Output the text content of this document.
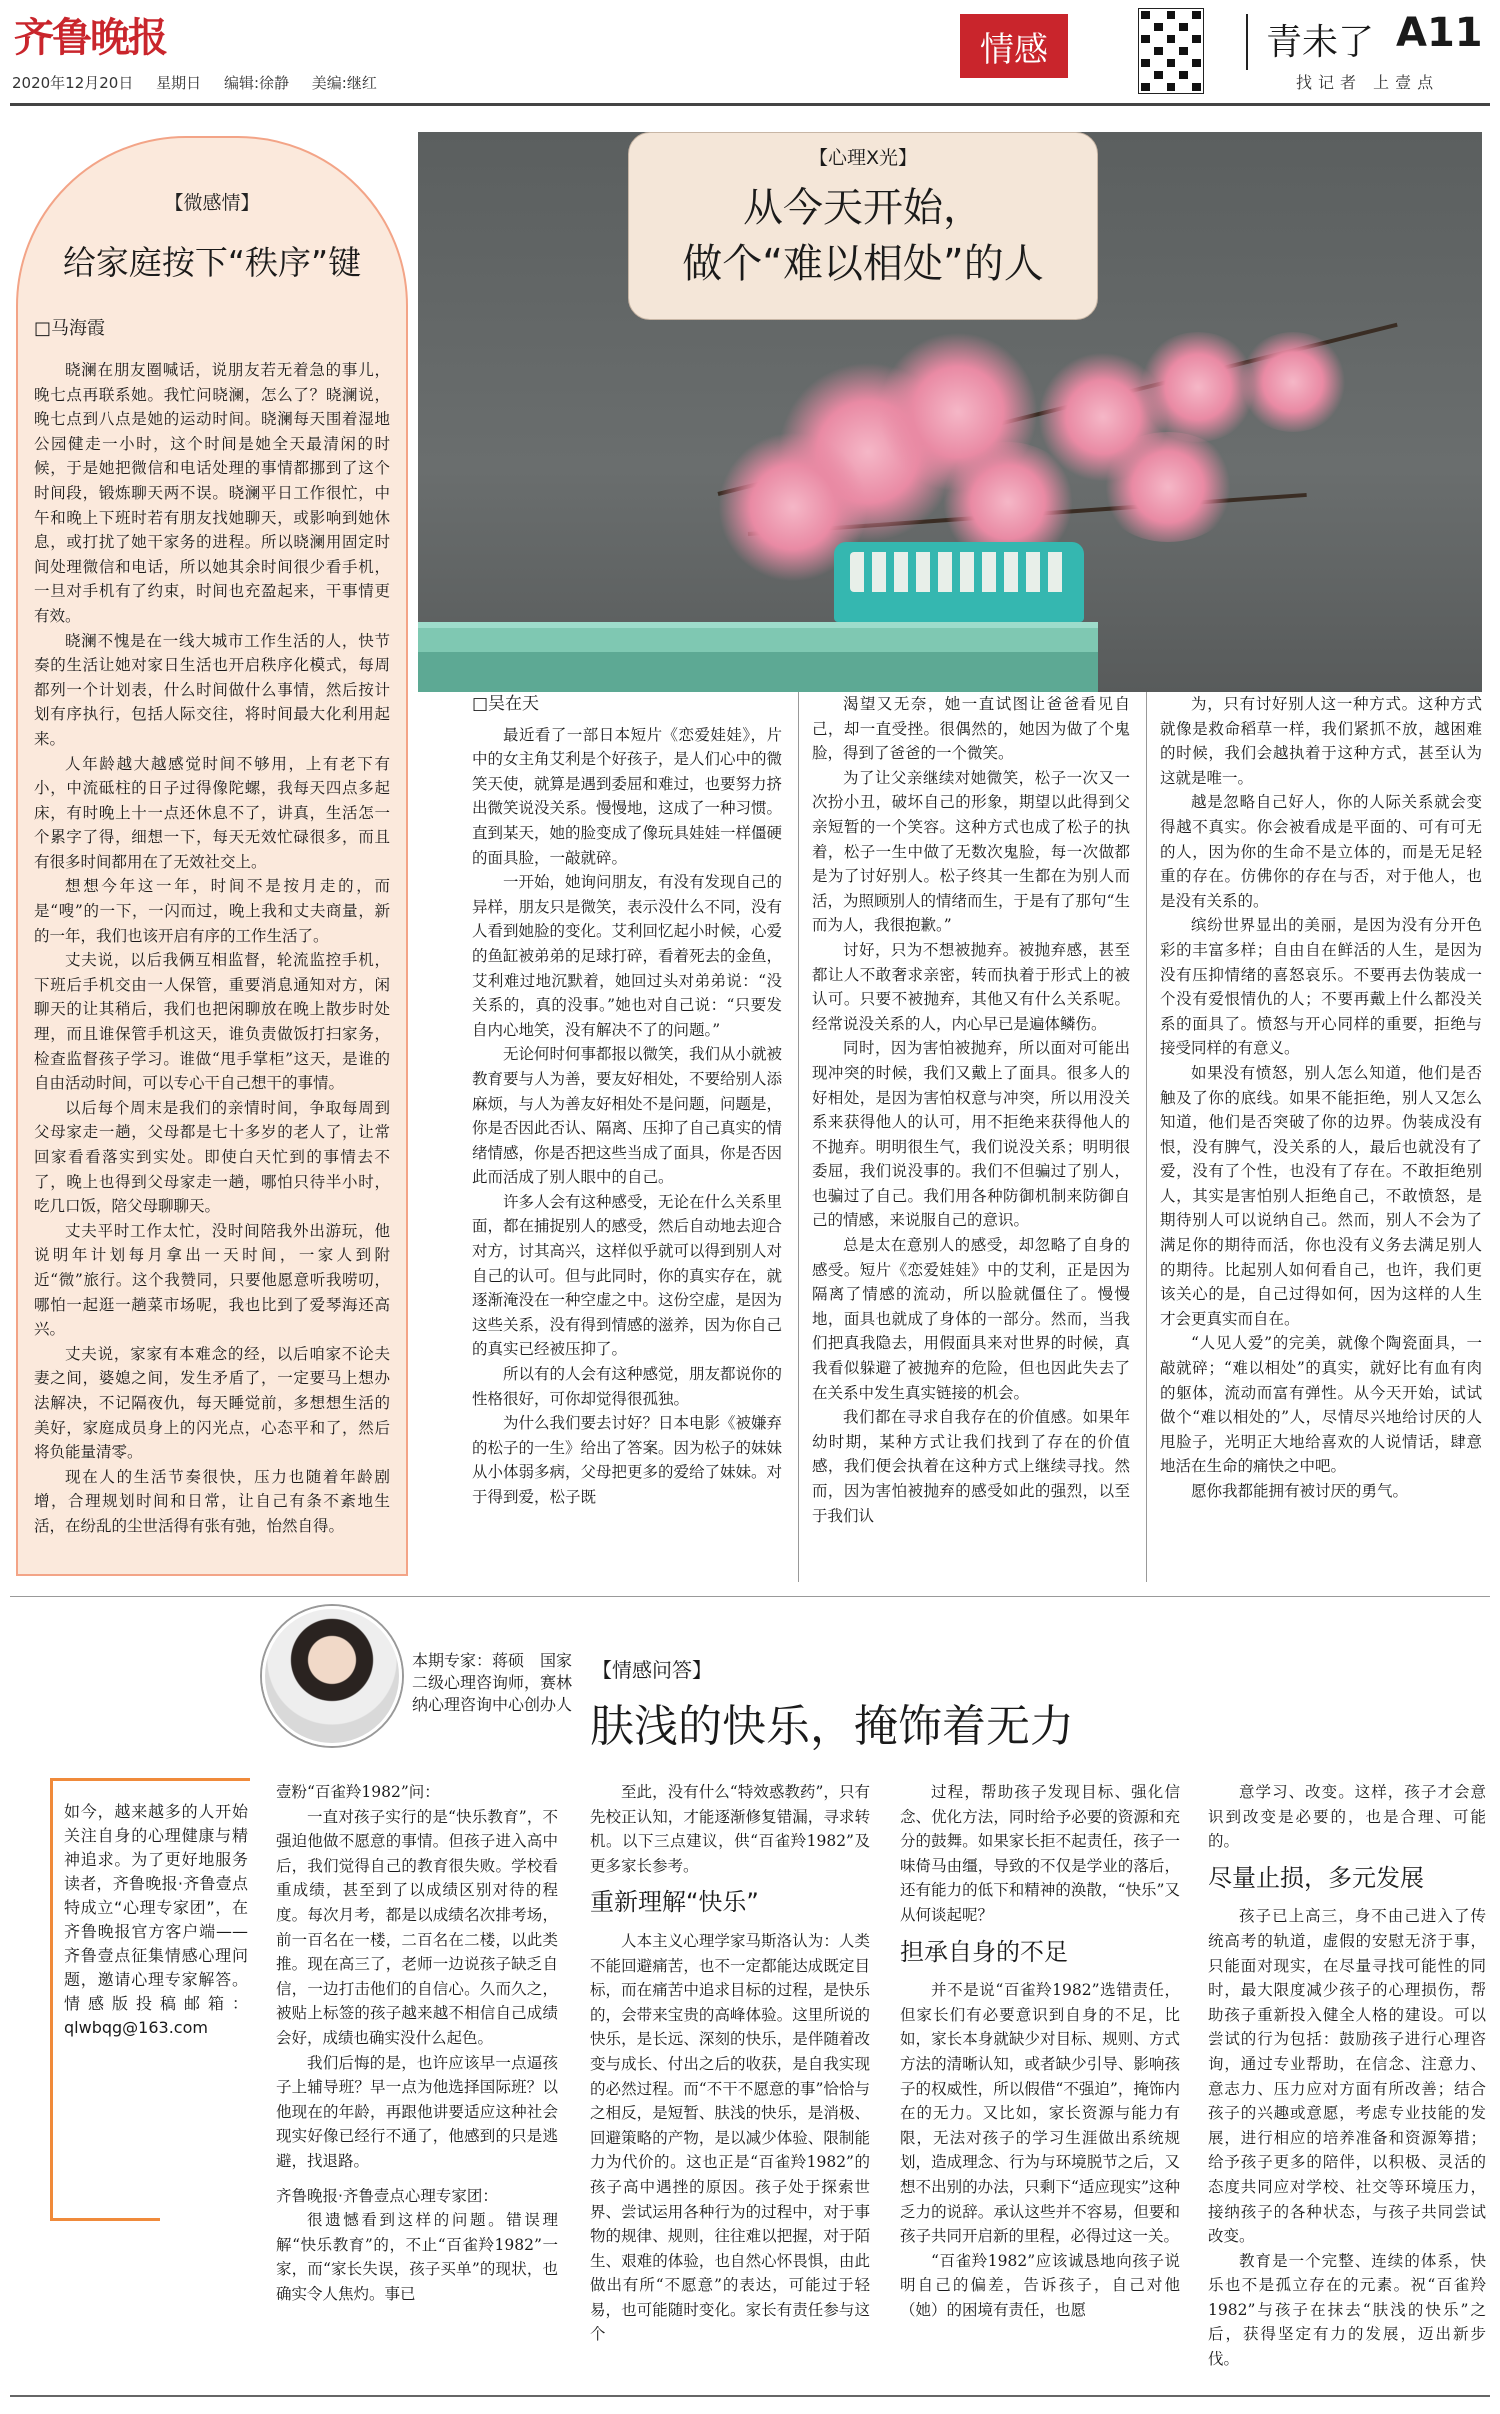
齐鲁晚报
2020年12月20日 星期日 编辑:徐静 美编:继红
情感	青未了 A11
找记者 上壹点
【微感情】
给家庭按下“秩序”键
□马海霞

晓澜在朋友圈喊话，说朋友若无着急的事儿，晚七点再联系她。我忙问晓澜，怎么了？晓澜说，晚七点到八点是她的运动时间。晓澜每天围着湿地公园健走一小时，这个时间是她全天最清闲的时候，于是她把微信和电话处理的事情都挪到了这个时间段，锻炼聊天两不误。晓澜平日工作很忙，中午和晚上下班时若有朋友找她聊天，或影响到她休息，或打扰了她干家务的进程。所以晓澜用固定时间处理微信和电话，所以她其余时间很少看手机，一旦对手机有了约束，时间也充盈起来，干事情更有效。

晓澜不愧是在一线大城市工作生活的人，快节奏的生活让她对家日生活也开启秩序化模式，每周都列一个计划表，什么时间做什么事情，然后按计划有序执行，包括人际交往，将时间最大化利用起来。

人年龄越大越感觉时间不够用，上有老下有小，中流砥柱的日子过得像陀螺，我每天四点多起床，有时晚上十一点还休息不了，讲真，生活怎一个累字了得，细想一下，每天无效忙碌很多，而且有很多时间都用在了无效社交上。

想想今年这一年，时间不是按月走的，而是“嗖”的一下，一闪而过，晚上我和丈夫商量，新的一年，我们也该开启有序的工作生活了。

丈夫说，以后我俩互相监督，轮流监控手机，下班后手机交由一人保管，重要消息通知对方，闲聊天的让其稍后，我们也把闲聊放在晚上散步时处理，而且谁保管手机这天，谁负责做饭打扫家务，检查监督孩子学习。谁做“甩手掌柜”这天，是谁的自由活动时间，可以专心干自己想干的事情。

以后每个周末是我们的亲情时间，争取每周到父母家走一趟，父母都是七十多岁的老人了，让常回家看看落实到实处。即使白天忙到的事情去不了，晚上也得到父母家走一趟，哪怕只待半小时，吃几口饭，陪父母聊聊天。

丈夫平时工作太忙，没时间陪我外出游玩，他说明年计划每月拿出一天时间，一家人到附近“微”旅行。这个我赞同，只要他愿意听我唠叨，哪怕一起逛一趟菜市场呢，我也比到了爱琴海还高兴。

丈夫说，家家有本难念的经，以后咱家不论夫妻之间，婆媳之间，发生矛盾了，一定要马上想办法解决，不记隔夜仇，每天睡觉前，多想想生活的美好，家庭成员身上的闪光点，心态平和了，然后将负能量清零。

现在人的生活节奏很快，压力也随着年龄剧增，合理规划时间和日常，让自己有条不紊地生活，在纷乱的尘世活得有张有弛，怡然自得。

【心理X光】
从今天开始，
做个“难以相处”的人

□吴在天

最近看了一部日本短片《恋爱娃娃》，片中的女主角艾利是个好孩子，是人们心中的微笑天使，就算是遇到委屈和难过，也要努力挤出微笑说没关系。慢慢地，这成了一种习惯。直到某天，她的脸变成了像玩具娃娃一样僵硬的面具脸，一敲就碎。

一开始，她询问朋友，有没有发现自己的异样，朋友只是微笑，表示没什么不同，没有人看到她脸的变化。艾利回忆起小时候，心爱的鱼缸被弟弟的足球打碎，看着死去的金鱼，艾利难过地沉默着，她回过头对弟弟说：“没关系的，真的没事。”她也对自己说：“只要发自内心地笑，没有解决不了的问题。”

无论何时何事都报以微笑，我们从小就被教育要与人为善，要友好相处，不要给别人添麻烦，与人为善友好相处不是问题，问题是，你是否因此否认、隔离、压抑了自己真实的情绪情感，你是否把这些当成了面具，你是否因此而活成了别人眼中的自己。

许多人会有这种感受，无论在什么关系里面，都在捕捉别人的感受，然后自动地去迎合对方，讨其高兴，这样似乎就可以得到别人对自己的认可。但与此同时，你的真实存在，就逐渐淹没在一种空虚之中。这份空虚，是因为这些关系，没有得到情感的滋养，因为你自己的真实已经被压抑了。

所以有的人会有这种感觉，朋友都说你的性格很好，可你却觉得很孤独。

为什么我们要去讨好？日本电影《被嫌弃的松子的一生》给出了答案。因为松子的妹妹从小体弱多病，父母把更多的爱给了妹妹。对于得到爱，松子既

渴望又无奈，她一直试图让爸爸看见自己，却一直受挫。很偶然的，她因为做了个鬼脸，得到了爸爸的一个微笑。

为了让父亲继续对她微笑，松子一次又一次扮小丑，破坏自己的形象，期望以此得到父亲短暂的一个笑容。这种方式也成了松子的执着，松子一生中做了无数次鬼脸，每一次做都是为了讨好别人。松子终其一生都在为别人而活，为照顾别人的情绪而生，于是有了那句“生而为人，我很抱歉。”

讨好，只为不想被抛弃。被抛弃感，甚至都让人不敢奢求亲密，转而执着于形式上的被认可。只要不被抛弃，其他又有什么关系呢。经常说没关系的人，内心早已是遍体鳞伤。

同时，因为害怕被抛弃，所以面对可能出现冲突的时候，我们又戴上了面具。很多人的好相处，是因为害怕权意与冲突，所以用没关系来获得他人的认可，用不拒绝来获得他人的不抛弃。明明很生气，我们说没关系；明明很委屈，我们说没事的。我们不但骗过了别人，也骗过了自己。我们用各种防御机制来防御自己的情感，来说服自己的意识。

总是太在意别人的感受，却忽略了自身的感受。短片《恋爱娃娃》中的艾利，正是因为隔离了情感的流动，所以脸就僵住了。慢慢地，面具也就成了身体的一部分。然而，当我们把真我隐去，用假面具来对世界的时候，真我看似躲避了被抛弃的危险，但也因此失去了在关系中发生真实链接的机会。

我们都在寻求自我存在的价值感。如果年幼时期，某种方式让我们找到了存在的价值感，我们便会执着在这种方式上继续寻找。然而，因为害怕被抛弃的感受如此的强烈，以至于我们认

为，只有讨好别人这一种方式。这种方式就像是救命稻草一样，我们紧抓不放，越困难的时候，我们会越执着于这种方式，甚至认为这就是唯一。

越是忽略自己好人，你的人际关系就会变得越不真实。你会被看成是平面的、可有可无的人，因为你的生命不是立体的，而是无足轻重的存在。仿佛你的存在与否，对于他人，也是没有关系的。

缤纷世界显出的美丽，是因为没有分开色彩的丰富多样；自由自在鲜活的人生，是因为没有压抑情绪的喜怒哀乐。不要再去伪装成一个没有爱恨情仇的人；不要再戴上什么都没关系的面具了。愤怒与开心同样的重要，拒绝与接受同样的有意义。

如果没有愤怒，别人怎么知道，他们是否触及了你的底线。如果不能拒绝，别人又怎么知道，他们是否突破了你的边界。伪装成没有恨，没有脾气，没关系的人，最后也就没有了爱，没有了个性，也没有了存在。不敢拒绝别人，其实是害怕别人拒绝自己，不敢愤怒，是期待别人可以说纳自己。然而，别人不会为了满足你的期待而活，你也没有义务去满足别人的期待。比起别人如何看自己，也许，我们更该关心的是，自己过得如何，因为这样的人生才会更真实而自在。

“人见人爱”的完美，就像个陶瓷面具，一敲就碎；“难以相处”的真实，就好比有血有肉的躯体，流动而富有弹性。从今天开始，试试做个“难以相处的”人，尽情尽兴地给讨厌的人甩脸子，光明正大地给喜欢的人说情话，肆意地活在生命的痛快之中吧。

愿你我都能拥有被讨厌的勇气。

本期专家：蒋硕　国家二级心理咨询师，赛林纳心理咨询中心创办人
【情感问答】
肤浅的快乐，掩饰着无力
如今，越来越多的人开始关注自身的心理健康与精神追求。为了更好地服务读者，齐鲁晚报·齐鲁壹点特成立“心理专家团”，在齐鲁晚报官方客户端——齐鲁壹点征集情感心理问题，邀请心理专家解答。情感版投稿邮箱：qlwbqg@163.com

壹粉“百雀羚1982”问：

一直对孩子实行的是“快乐教育”，不强迫他做不愿意的事情。但孩子进入高中后，我们觉得自己的教育很失败。学校看重成绩，甚至到了以成绩区别对待的程度。每次月考，都是以成绩名次排考场，前一百名在一楼，二百名在二楼，以此类推。现在高三了，老师一边说孩子缺乏自信，一边打击他们的自信心。久而久之，被贴上标签的孩子越来越不相信自己成绩会好，成绩也确实没什么起色。

我们后悔的是，也许应该早一点逼孩子上辅导班？早一点为他选择国际班？以他现在的年龄，再跟他讲要适应这种社会现实好像已经行不通了，他感到的只是逃避，找退路。

齐鲁晚报·齐鲁壹点心理专家团：

很遗憾看到这样的问题。错误理解“快乐教育”的，不止“百雀羚1982”一家，而“家长失误，孩子买单”的现状，也确实令人焦灼。事已

至此，没有什么“特效惑教药”，只有先校正认知，才能逐渐修复错漏，寻求转机。以下三点建议，供“百雀羚1982”及更多家长参考。

重新理解“快乐”

人本主义心理学家马斯洛认为：人类不能回避痛苦，也不一定都能达成既定目标，而在痛苦中追求目标的过程，是快乐的，会带来宝贵的高峰体验。这里所说的快乐，是长远、深刻的快乐，是伴随着改变与成长、付出之后的收获，是自我实现的必然过程。而“不干不愿意的事”恰恰与之相反，是短暂、肤浅的快乐，是消极、回避策略的产物，是以减少体验、限制能力为代价的。这也正是“百雀羚1982”的孩子高中遇挫的原因。孩子处于探索世界、尝试运用各种行为的过程中，对于事物的规律、规则，往往难以把握，对于陌生、艰难的体验，也自然心怀畏惧，由此做出有所“不愿意”的表达，可能过于轻易，也可能随时变化。家长有责任参与这个

过程，帮助孩子发现目标、强化信念、优化方法，同时给予必要的资源和充分的鼓舞。如果家长拒不起责任，孩子一味倚马由缰，导致的不仅是学业的落后，还有能力的低下和精神的涣散，“快乐”又从何谈起呢？

担承自身的不足

并不是说“百雀羚1982”选错责任，但家长们有必要意识到自身的不足，比如，家长本身就缺少对目标、规则、方式方法的清晰认知，或者缺少引导、影响孩子的权威性，所以假借“不强迫”，掩饰内在的无力。又比如，家长资源与能力有限，无法对孩子的学习生涯做出系统规划，造成理念、行为与环境脱节之后，又想不出别的办法，只剩下“适应现实”这种乏力的说辞。承认这些并不容易，但要和孩子共同开启新的里程，必得过这一关。

“百雀羚1982”应该诚恳地向孩子说明自己的偏差，告诉孩子，自己对他（她）的困境有责任，也愿

意学习、改变。这样，孩子才会意识到改变是必要的，也是合理、可能的。

尽量止损，多元发展

孩子已上高三，身不由己进入了传统高考的轨道，虚假的安慰无济于事，只能面对现实，在尽量寻找可能性的同时，最大限度减少孩子的心理损伤，帮助孩子重新投入健全人格的建设。可以尝试的行为包括：鼓励孩子进行心理咨询，通过专业帮助，在信念、注意力、意志力、压力应对方面有所改善；结合孩子的兴趣或意愿，考虑专业技能的发展，进行相应的培养准备和资源筹措；给予孩子更多的陪伴，以积极、灵活的态度共同应对学校、社交等环境压力，接纳孩子的各种状态，与孩子共同尝试改变。

教育是一个完整、连续的体系，快乐也不是孤立存在的元素。祝“百雀羚1982”与孩子在抹去“肤浅的快乐”之后，获得坚定有力的发展，迈出新步伐。
